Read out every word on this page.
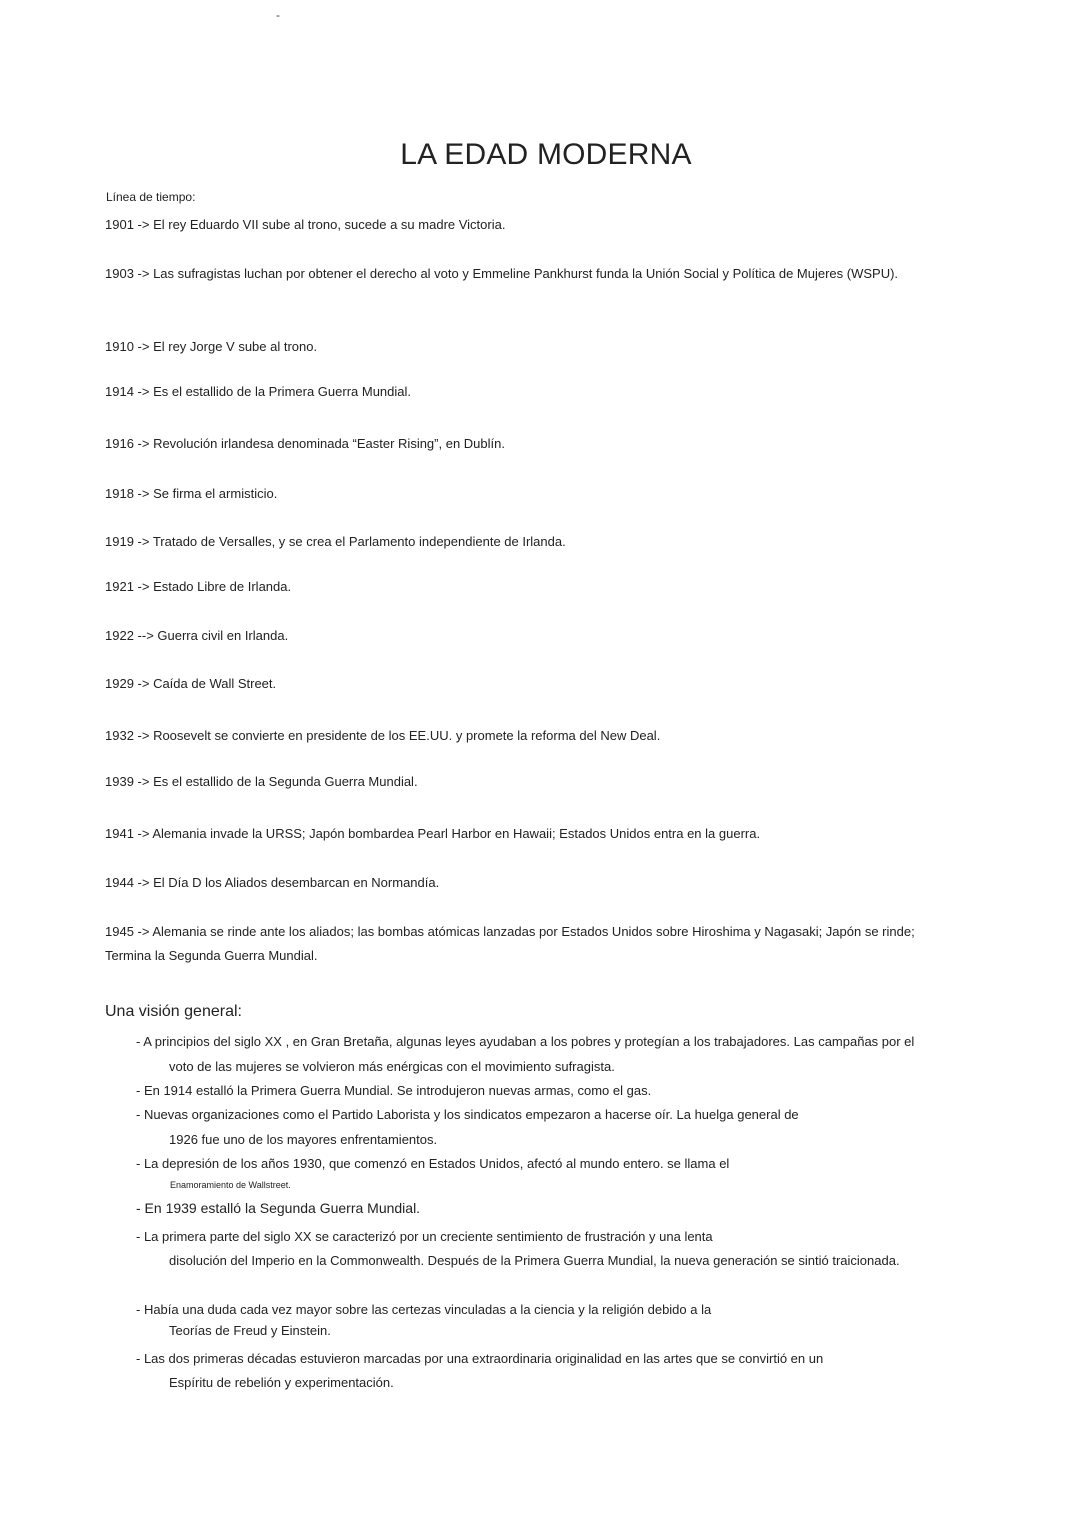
-
LA EDAD MODERNA
Línea de tiempo:
1901 -> El rey Eduardo VII sube al trono, sucede a su madre Victoria.
1903 -> Las sufragistas luchan por obtener el derecho al voto y Emmeline Pankhurst funda la Unión Social y Política de Mujeres (WSPU).
1910 -> El rey Jorge V sube al trono.
1914 -> Es el estallido de la Primera Guerra Mundial.
1916 -> Revolución irlandesa denominada “Easter Rising”, en Dublín.
1918 -> Se firma el armisticio.
1919 -> Tratado de Versalles, y se crea el Parlamento independiente de Irlanda.
1921 -> Estado Libre de Irlanda.
1922 --> Guerra civil en Irlanda.
1929 -> Caída de Wall Street.
1932 -> Roosevelt se convierte en presidente de los EE.UU. y promete la reforma del New Deal.
1939 -> Es el estallido de la Segunda Guerra Mundial.
1941 -> Alemania invade la URSS; Japón bombardea Pearl Harbor en Hawaii; Estados Unidos entra en la guerra.
1944 -> El Día D los Aliados desembarcan en Normandía.
1945 -> Alemania se rinde ante los aliados; las bombas atómicas lanzadas por Estados Unidos sobre Hiroshima y Nagasaki; Japón se rinde;
Termina la Segunda Guerra Mundial.
Una visión general:
- A principios del siglo XX , en Gran Bretaña, algunas leyes ayudaban a los pobres y protegían a los trabajadores. Las campañas por el
voto de las mujeres se volvieron más enérgicas con el movimiento sufragista.
- En 1914 estalló la Primera Guerra Mundial. Se introdujeron nuevas armas, como el gas.
- Nuevas organizaciones como el Partido Laborista y los sindicatos empezaron a hacerse oír. La huelga general de
1926 fue uno de los mayores enfrentamientos.
- La depresión de los años 1930, que comenzó en Estados Unidos, afectó al mundo entero. se llama el
Enamoramiento de Wallstreet.
- En 1939 estalló la Segunda Guerra Mundial.
- La primera parte del siglo XX se caracterizó por un creciente sentimiento de frustración y una lenta
disolución del Imperio en la Commonwealth. Después de la Primera Guerra Mundial, la nueva generación se sintió traicionada.
- Había una duda cada vez mayor sobre las certezas vinculadas a la ciencia y la religión debido a la
Teorías de Freud y Einstein.
- Las dos primeras décadas estuvieron marcadas por una extraordinaria originalidad en las artes que se convirtió en un
Espíritu de rebelión y experimentación.
